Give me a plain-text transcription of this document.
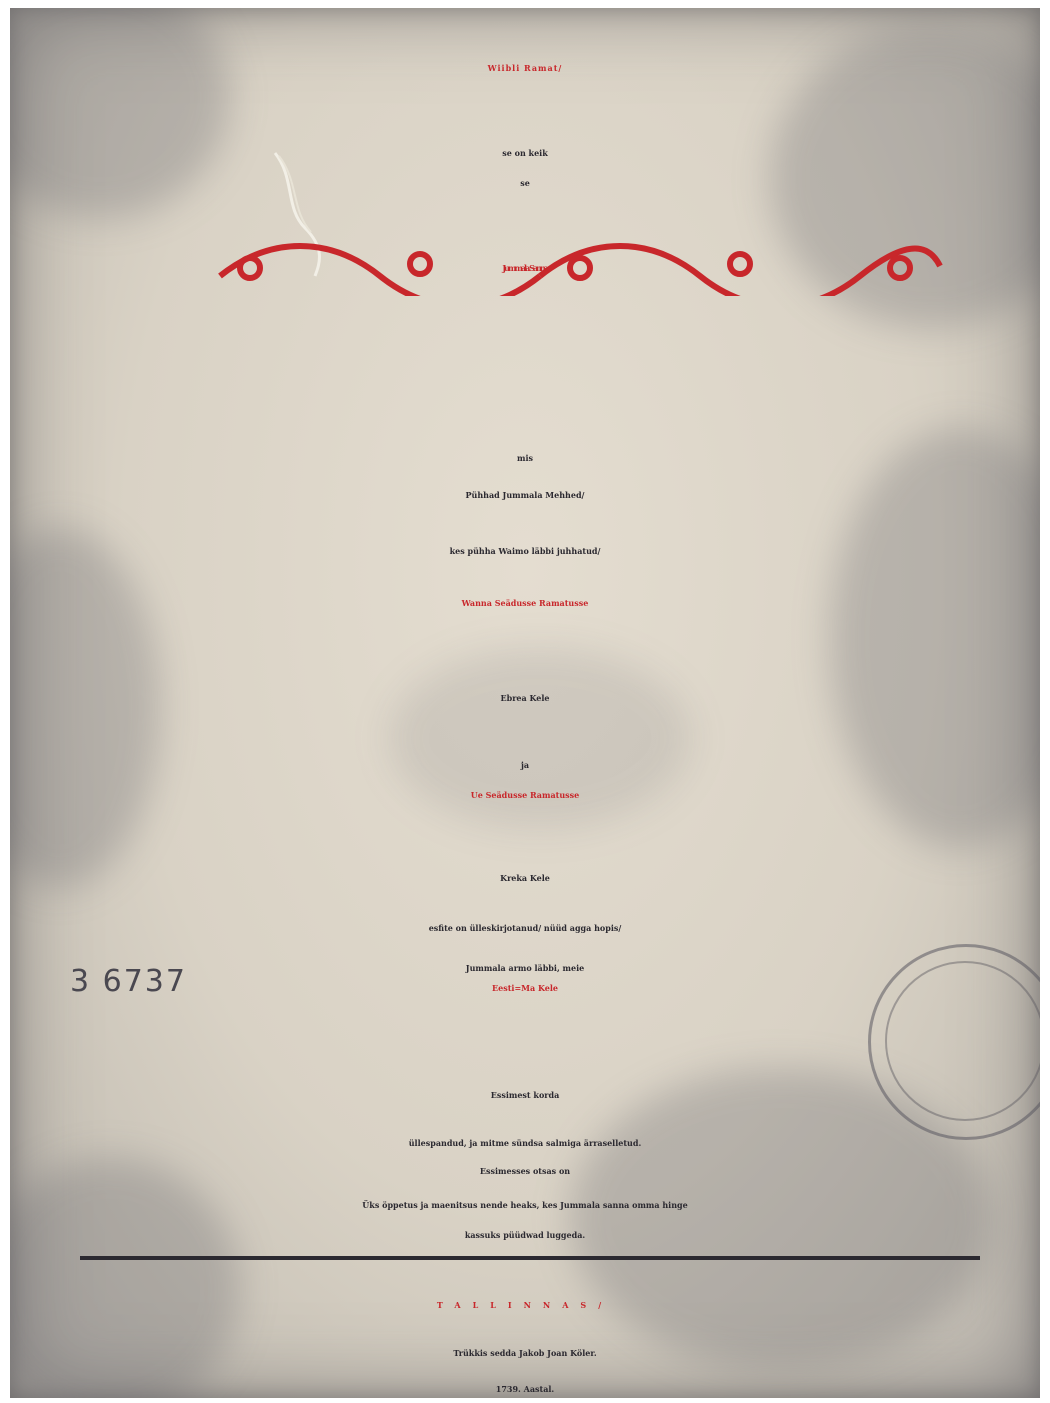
Wiibli Ramat/
se on keik
se
Jummala Sanna,
mis
Pühhad Jummala Mehhed/
kes pühha Waimo läbbi juhhatud/
Wanna Seädusse Ramatusse
Ebrea Kele
ja
Ue Seädusse Ramatusse
Kreka Kele
esfite on ülleskirjotanud/ nüüd agga hopis/
Jummala armo läbbi, meie
Eesti=Ma Kele
Essimest korda
üllespandud, ja mitme sündsa salmiga ärraselletud.
Essimesses otsas on
Üks öppetus ja maenitsus nende heaks, kes Jummala sanna omma hinge
kassuks püüdwad luggeda.
TALLINNAS/
Trükkis sedda Jakob Joan Köler.
1739. Aastal.
3 6737
